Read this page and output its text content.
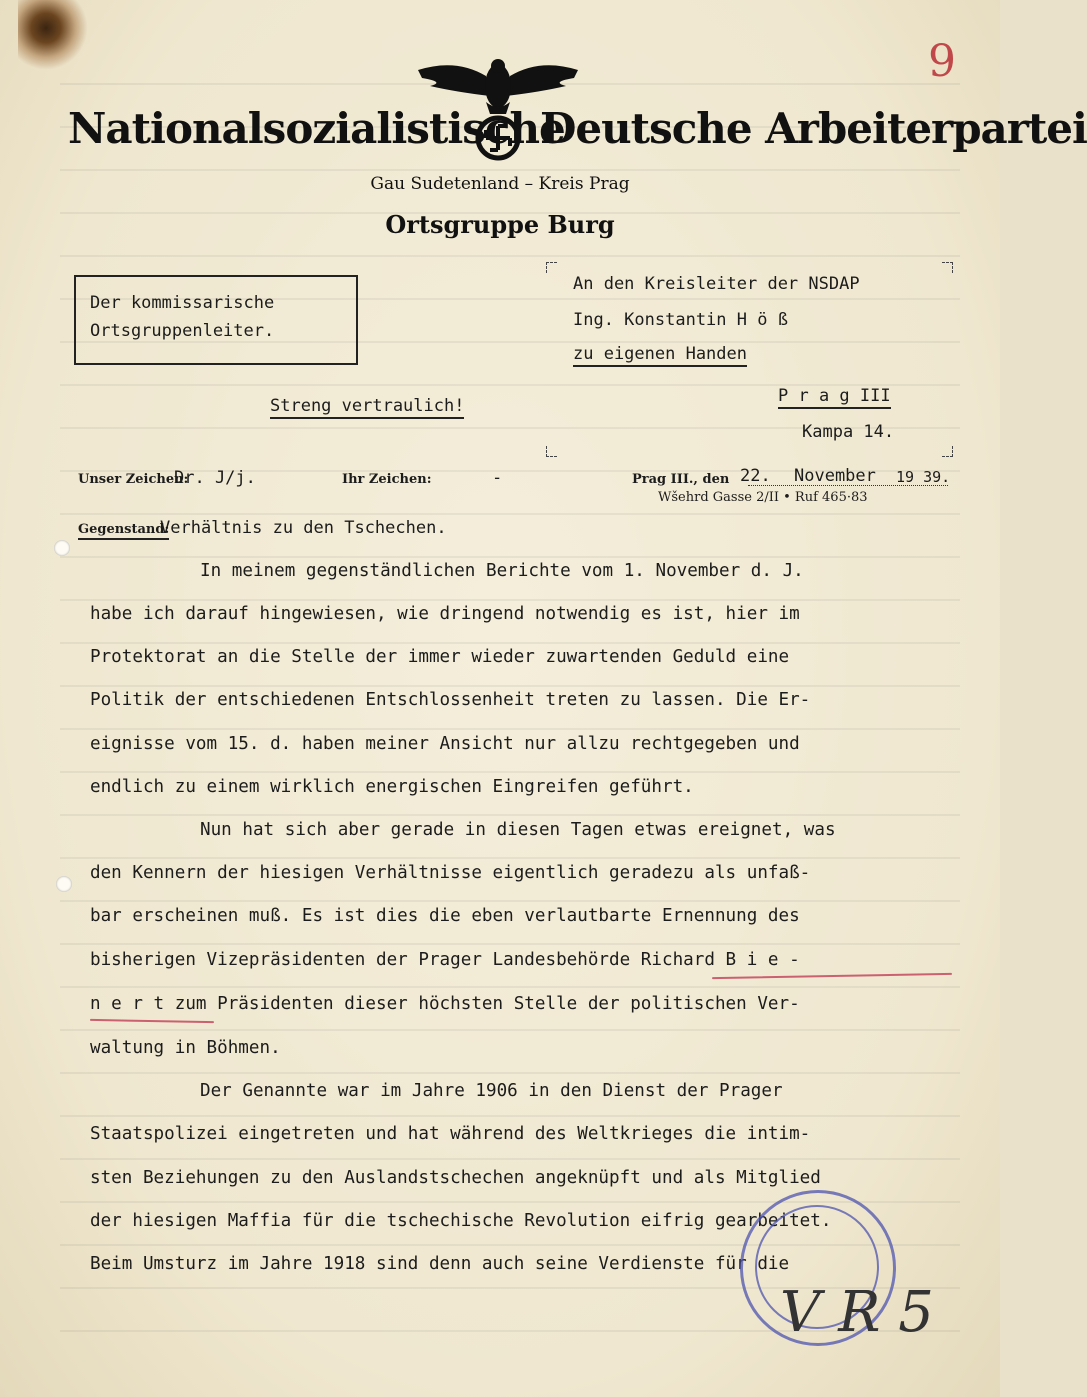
9
Nationalsozialistische
Deutsche Arbeiterpartei
Gau Sudetenland – Kreis Prag
Ortsgruppe Burg
Der kommissarische
Ortsgruppenleiter.
An den Kreisleiter der NSDAP
Ing. Konstantin H ö ß
zu eigenen Handen
P r a g III
Kampa 14.
Streng vertraulich!
Unser Zeichen:
Dr. J/j.	Ihr Zeichen:	-	Prag III., den 22. November 19 39.
Wšehrd Gasse 2/II • Ruf 465·83
Gegenstand:
Verhältnis zu den Tschechen.
In meinem gegenständlichen Berichte vom 1. November d. J.
habe ich darauf hingewiesen, wie dringend notwendig es ist, hier im
Protektorat an die Stelle der immer wieder zuwartenden Geduld eine
Politik der entschiedenen Entschlossenheit treten zu lassen. Die Er-
eignisse vom 15. d. haben meiner Ansicht nur allzu rechtgegeben und
endlich zu einem wirklich energischen Eingreifen geführt.
Nun hat sich aber gerade in diesen Tagen etwas ereignet, was
den Kennern der hiesigen Verhältnisse eigentlich geradezu als unfaß-
bar erscheinen muß. Es ist dies die eben verlautbarte Ernennung des
bisherigen Vizepräsidenten der Prager Landesbehörde Richard B i e -
n e r t zum Präsidenten dieser höchsten Stelle der politischen Ver-
waltung in Böhmen.
Der Genannte war im Jahre 1906 in den Dienst der Prager
Staatspolizei eingetreten und hat während des Weltkrieges die intim-
sten Beziehungen zu den Auslandstschechen angeknüpft und als Mitglied
der hiesigen Maffia für die tschechische Revolution eifrig gearbeitet.
Beim Umsturz im Jahre 1918 sind denn auch seine Verdienste für die
V R 5
